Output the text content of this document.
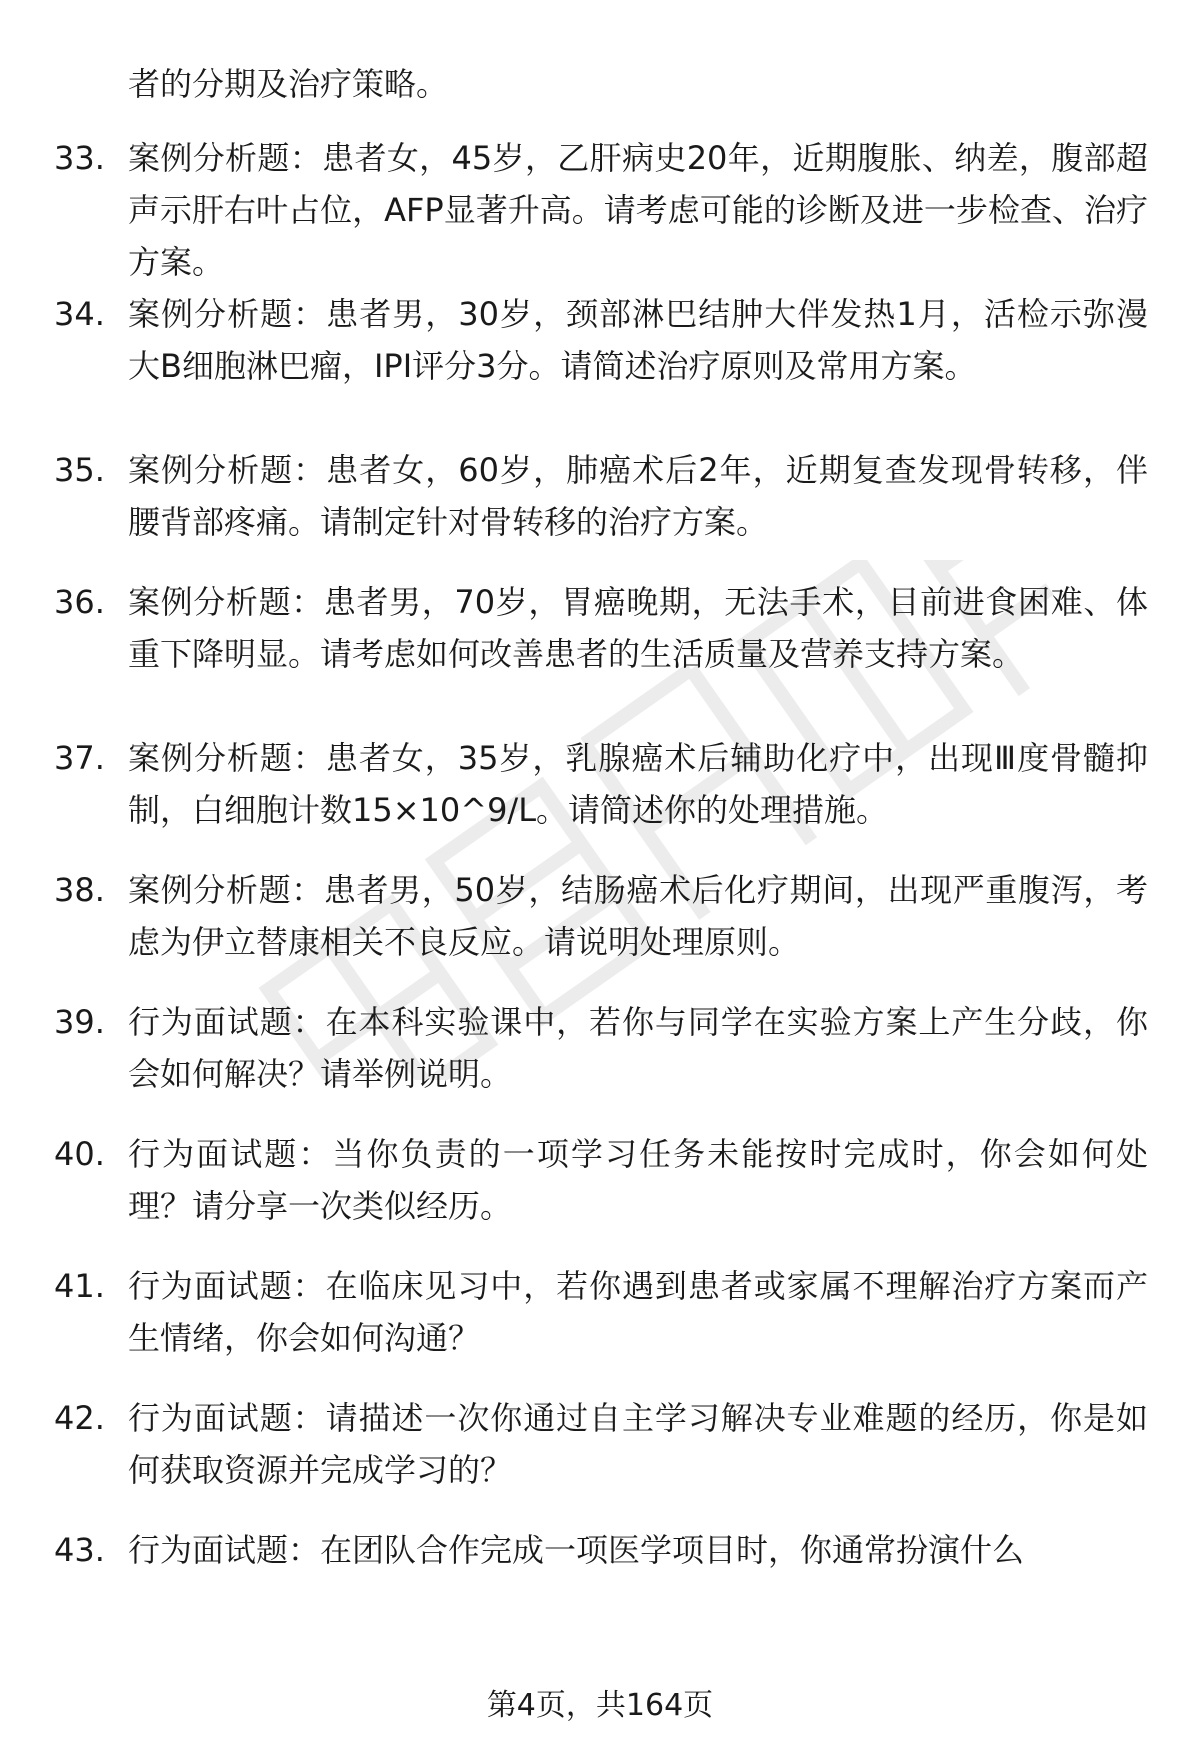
者的分期及治疗策略。
33. 案例分析题：患者女，45岁，乙肝病史20年，近期腹胀、纳差，腹部超声示肝右叶占位，AFP显著升高。请考虑可能的诊断及进一步检查、治疗方案。
34. 案例分析题：患者男，30岁，颈部淋巴结肿大伴发热1月，活检示弥漫大B细胞淋巴瘤，IPI评分3分。请简述治疗原则及常用方案。
35. 案例分析题：患者女，60岁，肺癌术后2年，近期复查发现骨转移，伴腰背部疼痛。请制定针对骨转移的治疗方案。
36. 案例分析题：患者男，70岁，胃癌晚期，无法手术，目前进食困难、体重下降明显。请考虑如何改善患者的生活质量及营养支持方案。
37. 案例分析题：患者女，35岁，乳腺癌术后辅助化疗中，出现Ⅲ度骨髓抑制，白细胞计数15×10^9/L。请简述你的处理措施。
38. 案例分析题：患者男，50岁，结肠癌术后化疗期间，出现严重腹泻，考虑为伊立替康相关不良反应。请说明处理原则。
39. 行为面试题：在本科实验课中，若你与同学在实验方案上产生分歧，你会如何解决？请举例说明。
40. 行为面试题：当你负责的一项学习任务未能按时完成时，你会如何处理？请分享一次类似经历。
41. 行为面试题：在临床见习中，若你遇到患者或家属不理解治疗方案而产生情绪，你会如何沟通？
42. 行为面试题：请描述一次你通过自主学习解决专业难题的经历，你是如何获取资源并完成学习的？
43. 行为面试题：在团队合作完成一项医学项目时，你通常扮演什么
第4页，共164页
